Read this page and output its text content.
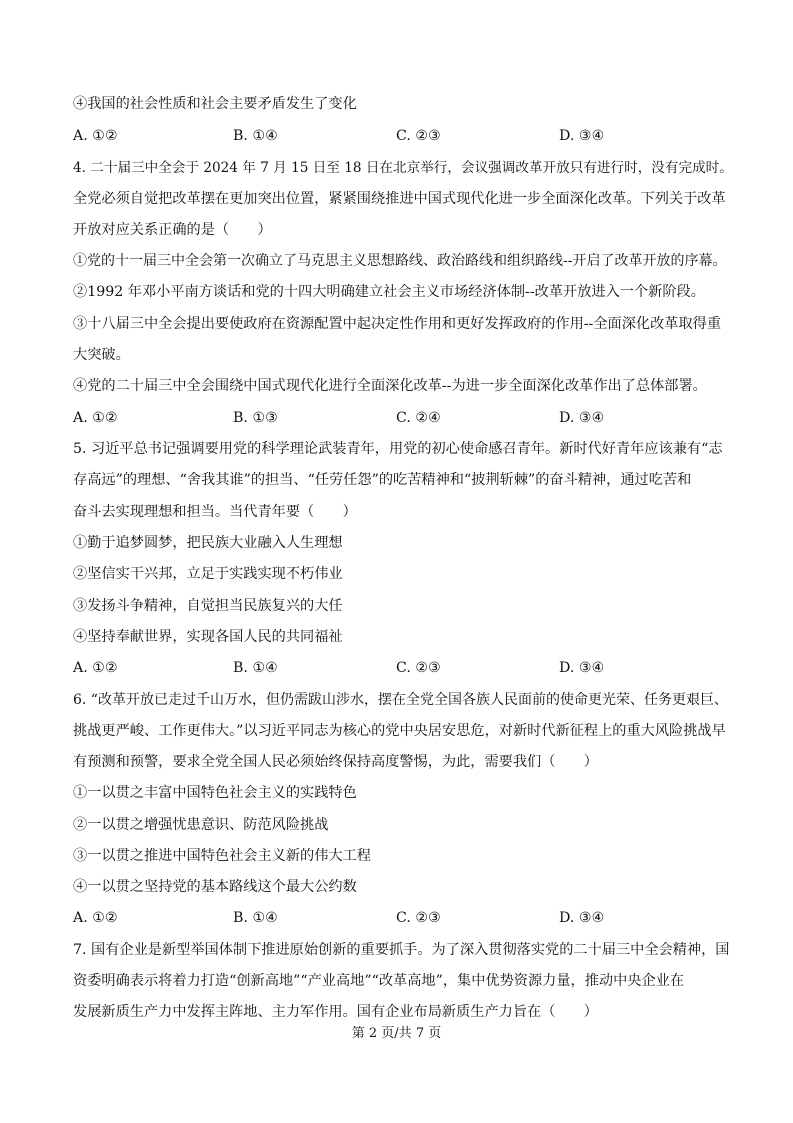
④我国的社会性质和社会主要矛盾发生了变化
A. ①②	B. ①④	C. ②③	D. ③④
4. 二十届三中全会于 2024 年 7 月 15 日至 18 日在北京举行，会议强调改革开放只有进行时，没有完成时。
全党必须自觉把改革摆在更加突出位置，紧紧围绕推进中国式现代化进一步全面深化改革。下列关于改革
开放对应关系正确的是（　　）
①党的十一届三中全会第一次确立了马克思主义思想路线、政治路线和组织路线--开启了改革开放的序幕。
②1992 年邓小平南方谈话和党的十四大明确建立社会主义市场经济体制--改革开放进入一个新阶段。
③十八届三中全会提出要使政府在资源配置中起决定性作用和更好发挥政府的作用--全面深化改革取得重
大突破。
④党的二十届三中全会围绕中国式现代化进行全面深化改革--为进一步全面深化改革作出了总体部署。
A. ①②	B. ①③	C. ②④	D. ③④
5. 习近平总书记强调要用党的科学理论武装青年，用党的初心使命感召青年。新时代好青年应该兼有“志
存高远”的理想、“舍我其谁”的担当、“任劳任怨”的吃苦精神和“披荆斩棘”的奋斗精神，通过吃苦和
奋斗去实现理想和担当。当代青年要（　　）
①勤于追梦圆梦，把民族大业融入人生理想
②坚信实干兴邦，立足于实践实现不朽伟业
③发扬斗争精神，自觉担当民族复兴的大任
④坚持奉献世界，实现各国人民的共同福祉
A. ①②	B. ①④	C. ②③	D. ③④
6. “改革开放已走过千山万水，但仍需跋山涉水，摆在全党全国各族人民面前的使命更光荣、任务更艰巨、
挑战更严峻、工作更伟大。”以习近平同志为核心的党中央居安思危，对新时代新征程上的重大风险挑战早
有预测和预警，要求全党全国人民必须始终保持高度警惕，为此，需要我们（　　）
①一以贯之丰富中国特色社会主义的实践特色
②一以贯之增强忧患意识、防范风险挑战
③一以贯之推进中国特色社会主义新的伟大工程
④一以贯之坚持党的基本路线这个最大公约数
A. ①②	B. ①④	C. ②③	D. ③④
7. 国有企业是新型举国体制下推进原始创新的重要抓手。为了深入贯彻落实党的二十届三中全会精神，国
资委明确表示将着力打造“创新高地”“产业高地”“改革高地”，集中优势资源力量，推动中央企业在
发展新质生产力中发挥主阵地、主力军作用。国有企业布局新质生产力旨在（　　）
第 2 页/共 7 页
